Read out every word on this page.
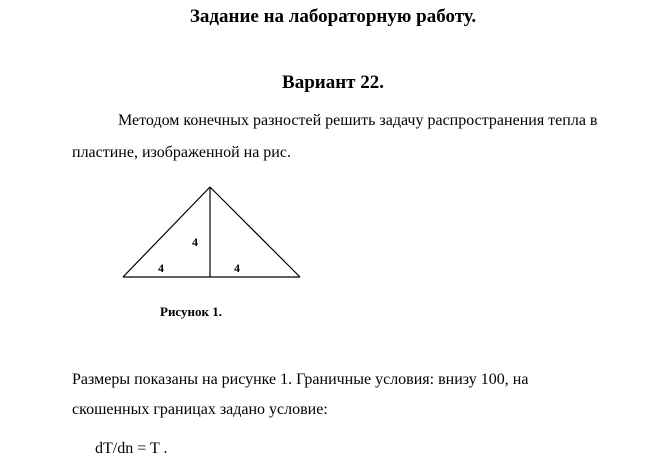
Задание на лабораторную работу.
Вариант 22.
Методом конечных разностей решить задачу распространения тепла в
пластине, изображенной на рис.
4
4	4
Рисунок 1.
Размеры показаны на рисунке 1. Граничные условия: внизу 100, на
скошенных границах задано условие:
dT/dn = T .
